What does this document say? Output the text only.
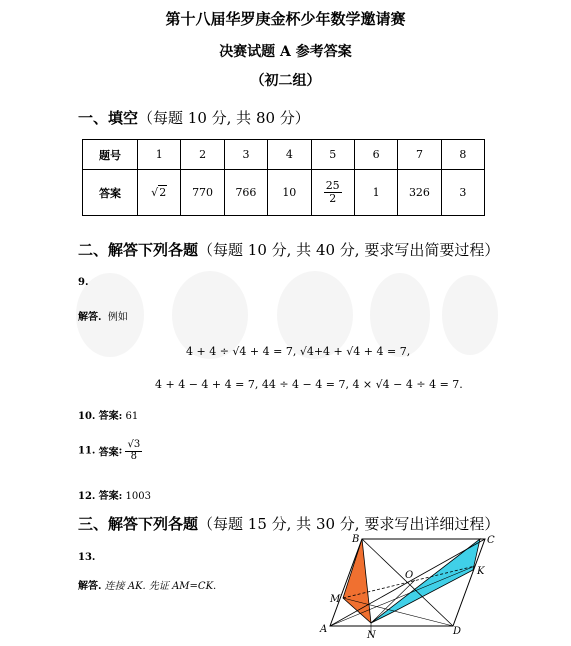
第十八届华罗庚金杯少年数学邀请赛
决赛试题 A 参考答案
（初二组）
一、填空（每题 10 分, 共 80 分）
题号	1	2	3	4	5	6	7	8
答案	√2	770	766	10	$\frac{25}{2}$	1	326	3
二、解答下列各题（每题 10 分, 共 40 分, 要求写出简要过程）
9.
解答. 例如
4 + 4 ÷ √4 + 4 = 7, √4+4 + √4 + 4 = 7,
4 + 4 − 4 + 4 = 7, 44 ÷ 4 − 4 = 7, 4 × √4 − 4 ÷ 4 = 7.
10. 答案: 61
11. 答案: $\frac{√3}{8}$
12. 答案: 1003
三、解答下列各题（每题 15 分, 共 30 分, 要求写出详细过程）
13.
解答. 连接 AK. 先证 AM=CK.
B	C
O	K
M
A
N	D
